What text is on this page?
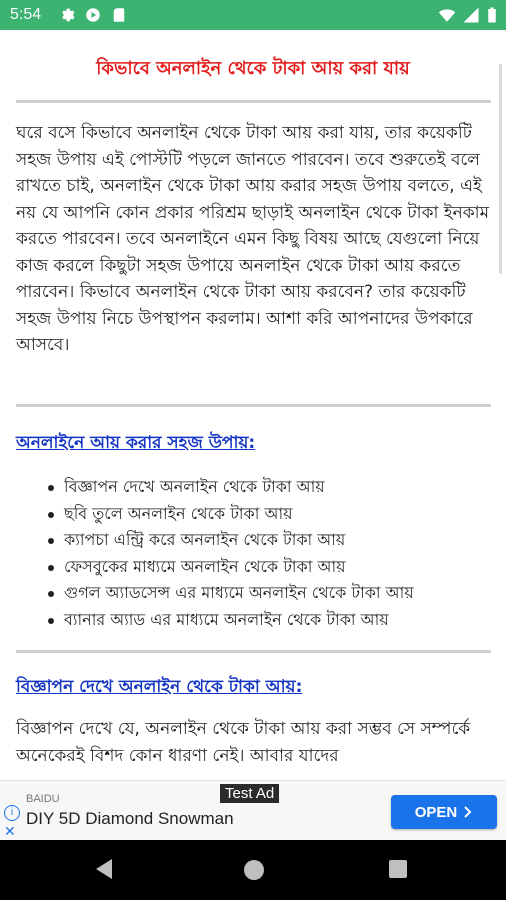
5:54
কিভাবে অনলাইন থেকে টাকা আয় করা যায়
ঘরে বসে কিভাবে অনলাইন থেকে টাকা আয় করা যায়, তার কয়েকটি সহজ উপায় এই পোস্টটি পড়লে জানতে পারবেন। তবে শুরুতেই বলে রাখতে চাই, অনলাইন থেকে টাকা আয় করার সহজ উপায় বলতে, এই নয় যে আপনি কোন প্রকার পরিশ্রম ছাড়াই অনলাইন থেকে টাকা ইনকাম করতে পারবেন। তবে অনলাইনে এমন কিছু বিষয় আছে যেগুলো নিয়ে কাজ করলে কিছুটা সহজ উপায়ে অনলাইন থেকে টাকা আয় করতে পারবেন। কিভাবে অনলাইন থেকে টাকা আয় করবেন? তার কয়েকটি সহজ উপায় নিচে উপস্থাপন করলাম। আশা করি আপনাদের উপকারে আসবে।
অনলাইনে আয় করার সহজ উপায়:
বিজ্ঞাপন দেখে অনলাইন থেকে টাকা আয়
ছবি তুলে অনলাইন থেকে টাকা আয়
ক্যাপচা এন্ট্রি করে অনলাইন থেকে টাকা আয়
ফেসবুকের মাধ্যমে অনলাইন থেকে টাকা আয়
গুগল অ্যাডসেন্স এর মাধ্যমে অনলাইন থেকে টাকা আয়
ব্যানার অ্যাড এর মাধ্যমে অনলাইন থেকে টাকা আয়
বিজ্ঞাপন দেখে অনলাইন থেকে টাকা আয়:
বিজ্ঞাপন দেখে যে, অনলাইন থেকে টাকা আয় করা সম্ভব সে সম্পর্কে অনেকেরই বিশদ কোন ধারণা নেই। আবার যাদের
Test Ad
i
✕
BAIDU
DIY 5D Diamond Snowman	OPEN
